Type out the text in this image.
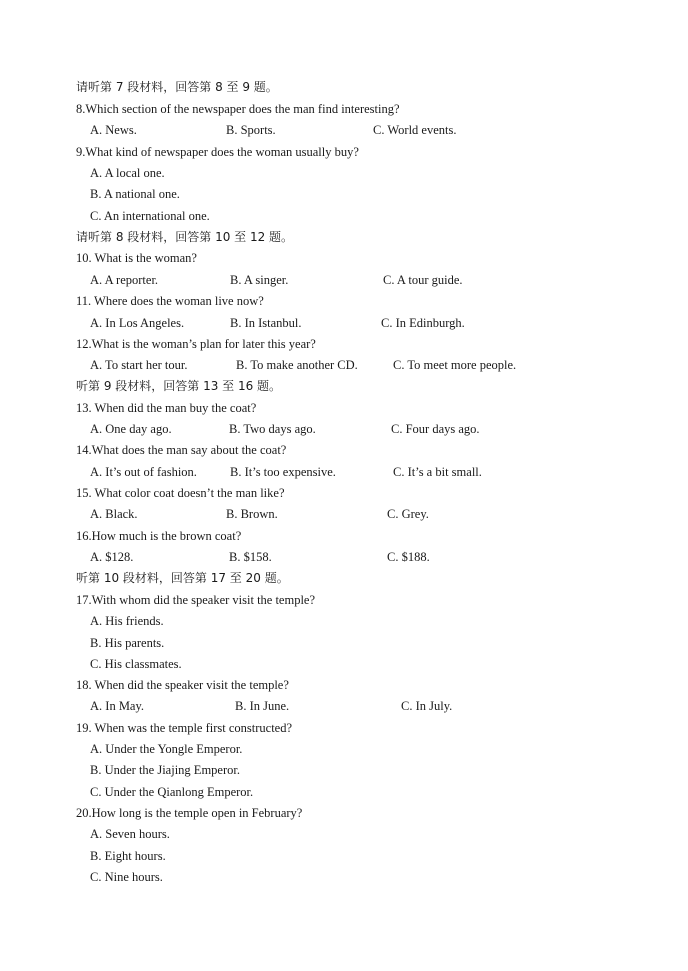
请听第 7 段材料，回答第 8 至 9 题。
8.Which section of the newspaper does the man find interesting?
A. News.	B. Sports.	C. World events.
9.What kind of newspaper does the woman usually buy?
A. A local one.
B. A national one.
C. An international one.
请听第 8 段材料，回答第 10 至 12 题。
10. What is the woman?
A. A reporter.	B. A singer.	C. A tour guide.
11. Where does the woman live now?
A. In Los Angeles.	B. In Istanbul.	C. In Edinburgh.
12.What is the woman’s plan for later this year?
A. To start her tour.	B. To make another CD.	C. To meet more people.
听第 9 段材料，回答第 13 至 16 题。
13. When did the man buy the coat?
A. One day ago.	B. Two days ago.	C. Four days ago.
14.What does the man say about the coat?
A. It’s out of fashion.	B. It’s too expensive.	C. It’s a bit small.
15. What color coat doesn’t the man like?
A. Black.	B. Brown.	C. Grey.
16.How much is the brown coat?
A. $128.	B. $158.	C. $188.
听第 10 段材料，回答第 17 至 20 题。
17.With whom did the speaker visit the temple?
A. His friends.
B. His parents.
C. His classmates.
18. When did the speaker visit the temple?
A. In May.	B. In June.	C. In July.
19. When was the temple first constructed?
A. Under the Yongle Emperor.
B. Under the Jiajing Emperor.
C. Under the Qianlong Emperor.
20.How long is the temple open in February?
A. Seven hours.
B. Eight hours.
C. Nine hours.
